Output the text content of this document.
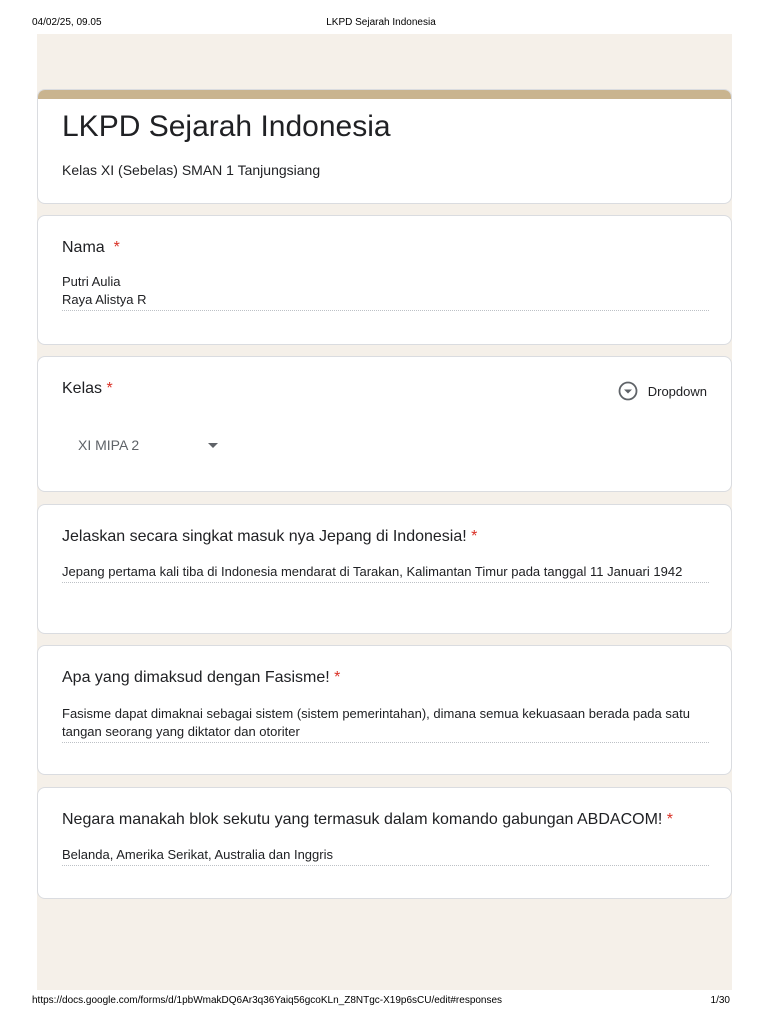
04/02/25, 09.05	LKPD Sejarah Indonesia
LKPD Sejarah Indonesia
Kelas XI (Sebelas) SMAN 1 Tanjungsiang
Nama *
Putri Aulia
Raya Alistya R
Kelas *	Dropdown
XI MIPA 2
Jelaskan secara singkat masuk nya Jepang di Indonesia! *
Jepang pertama kali tiba di Indonesia mendarat di Tarakan, Kalimantan Timur pada tanggal 11 Januari 1942
Apa yang dimaksud dengan Fasisme! *
Fasisme dapat dimaknai sebagai sistem (sistem pemerintahan), dimana semua kekuasaan berada pada satu tangan seorang yang diktator dan otoriter
Negara manakah blok sekutu yang termasuk dalam komando gabungan ABDACOM! *
Belanda, Amerika Serikat, Australia dan Inggris
https://docs.google.com/forms/d/1pbWmakDQ6Ar3q36Yaiq56gcoKLn_Z8NTgc-X19p6sCU/edit#responses	1/30
